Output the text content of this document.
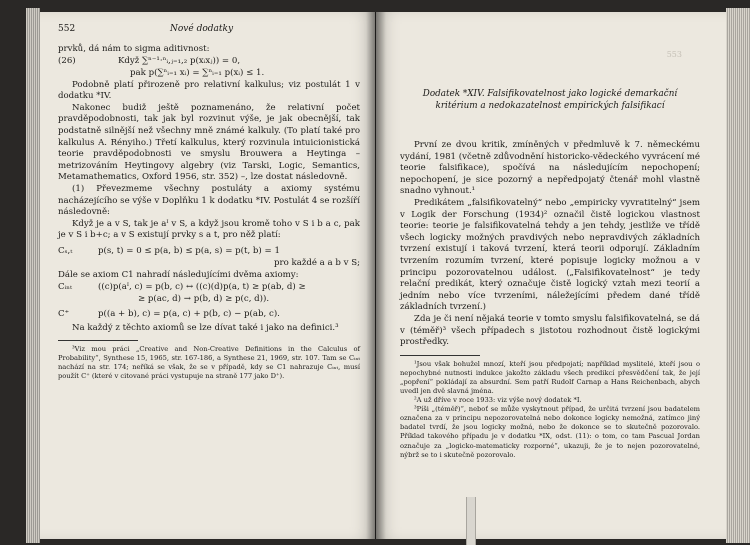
552	Nové dodatky

prvků, dá nám to sigma aditivnost:

(26)	Když ∑ⁿ⁻¹·ⁿᵢ,ⱼ₌₁,₂ p(xᵢxⱼ)) = 0,
pak p(∑ⁿᵢ₌₁ xᵢ) = ∑ⁿᵢ₌₁ p(xᵢ) ≤ 1.

Podobně platí přirozeně pro relativní kalkulus; viz postulát 1 v dodatku *IV.

Nakonec budiž ještě poznamenáno, že relativní počet pravděpodobnosti, tak jak byl rozvinut výše, je jak obecnější, tak podstatně silnější než všechny mně známé kalkuly. (To platí také pro kalkulus A. Rényiho.) Třetí kalkulus, který rozvinula intuicionistická teorie pravděpodobnosti ve smyslu Brouwera a Heytinga – metrizováním Heytingovy algebry (viz Tarski, Logic, Semantics, Metamathematics, Oxford 1956, str. 352) –, lze dostat následovně.

(1) Převezmeme všechny postuláty a axiomy systému nacházejícího se výše v Doplňku 1 k dodatku *IV. Postulát 4 se rozšíří následovně:

Když je a v S, tak je aᴵ v S, a když jsou kromě toho v S i b a c, pak je v S i b+c; a v S existují prvky s a t, pro něž platí:

Cₛ,ₜ	p(s, t) = 0 ≤ p(a, b) ≤ p(a, s) = p(t, b) = 1
pro každé a a b v S;

Dále se axiom C1 nahradí následujícími dvěma axiomy:

Cᵢₙₜ	((c)p(aᴵ, c) = p(b, c) ↔ ((c)(d)p(a, t) ≥ p(ab, d) ≥
≥ p(ac, d) → p(b, d) ≥ p(c, d)).
C⁺	p((a + b), c) = p(a, c) + p(b, c) − p(ab, c).

Na každý z těchto axiomů se lze dívat také i jako na definici.³

³Viz mou práci „Creative and Non-Creative Definitions in the Calculus of Probability“, Synthese 15, 1965, str. 167-186, a Synthese 21, 1969, str. 107. Tam se Cᵢₙₜ nachází na str. 174; neříká se však, že se v případě, kdy se C1 nahrazuje Cᵢₙₜ, musí použít C⁺ (které v citované práci vystupuje na straně 177 jako D⁺).

553
Dodatek *XIV. Falsifikovatelnost jako logické demarkační
kritérium a nedokazatelnost empirických falsifikací

První ze dvou kritik, zmíněných v předmluvě k 7. německému vydání, 1981 (včetně zdůvodnění historicko-vědeckého vyvrácení mé teorie falsifikace), spočívá na následujícím nepochopení; nepochopení, je sice pozorný a nepředpojatý čtenář mohl vlastně snadno vyhnout.¹

Predikátem „falsifikovatelný“ nebo „empiricky vyvratitelný“ jsem v Logik der Forschung (1934)² označil čistě logickou vlastnost teorie: teorie je falsifikovatelná tehdy a jen tehdy, jestliže ve třídě všech logicky možných pravdivých nebo nepravdivých základních tvrzení existují i taková tvrzení, která teorii odporují. Základním tvrzením rozumím tvrzení, které popisuje logicky možnou a v principu pozorovatelnou událost. („Falsifikovatelnost“ je tedy relační predikát, který označuje čistě logický vztah mezi teorií a jedním nebo více tvrzeními, náležejícími předem dané třídě základních tvrzení.)

Zda je či není nějaká teorie v tomto smyslu falsifikovatelná, se dá v (téměř)³ všech případech s jistotou rozhodnout čistě logickými prostředky.

¹Jsou však bohužel mnozí, kteří jsou předpojatí; například myslitelé, kteří jsou o nepochybné nutnosti indukce jakožto základu všech predikcí přesvědčení tak, že její „popření“ pokládají za absurdní. Sem patří Rudolf Carnap a Hans Reichenbach, abych uvedl jen dvě slavná jména.

²A už dříve v roce 1933: viz výše nový dodatek *I.

³Píši „(téměř)“, neboť se může vyskytnout případ, že určitá tvrzení jsou badatelem označena za v principu nepozorovatelná nebo dokonce logicky nemožná, zatímco jiný badatel tvrdí, že jsou logicky možná, nebo že dokonce se to skutečně pozorovalo. Příklad takového případu je v dodatku *IX, odst. (11): o tom, co tam Pascual Jordan označuje za „logicko-matematicky rozporné“, ukazuji, že je to nejen pozorovatelné, nýbrž se to i skutečně pozorovalo.
